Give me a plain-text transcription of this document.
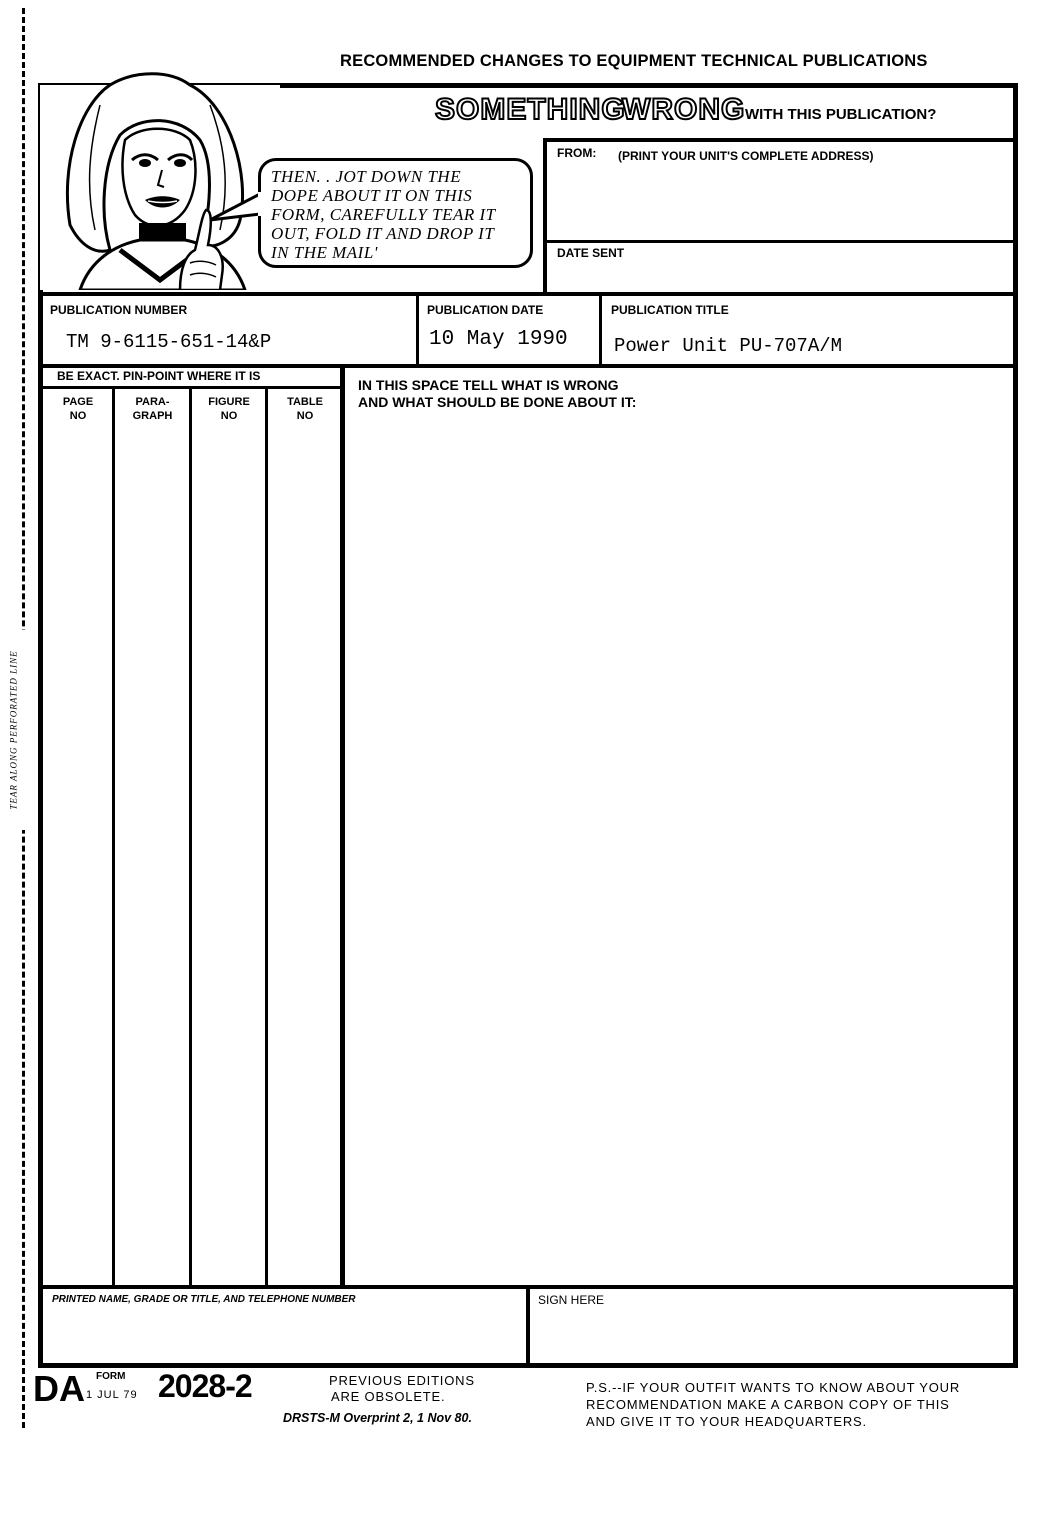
TEAR ALONG PERFORATED LINE
RECOMMENDED CHANGES TO EQUIPMENT TECHNICAL PUBLICATIONS
THEN. . JOT DOWN THE
DOPE ABOUT IT ON THIS
FORM, CAREFULLY TEAR IT
OUT, FOLD IT AND DROP IT
IN THE MAIL'
SOMETHING
WRONG WITH THIS PUBLICATION?
FROM: (PRINT YOUR UNIT'S COMPLETE ADDRESS)
DATE SENT
PUBLICATION NUMBER
TM 9-6115-651-14&P
PUBLICATION DATE
10 May 1990
PUBLICATION TITLE
Power Unit PU-707A/M
BE EXACT. PIN-POINT WHERE IT IS
PAGE
NO
PARA-
GRAPH
FIGURE
NO
TABLE
NO
IN THIS SPACE TELL WHAT IS WRONG
AND WHAT SHOULD BE DONE ABOUT IT:
PRINTED NAME, GRADE OR TITLE, AND TELEPHONE NUMBER	SIGN HERE
DA FORM
1 JUL 79 2028-2	PREVIOUS EDITIONS
ARE OBSOLETE.
DRSTS-M Overprint 2, 1 Nov 80.
P.S.--IF YOUR OUTFIT WANTS TO KNOW ABOUT YOUR
RECOMMENDATION MAKE A CARBON COPY OF THIS
AND GIVE IT TO YOUR HEADQUARTERS.
